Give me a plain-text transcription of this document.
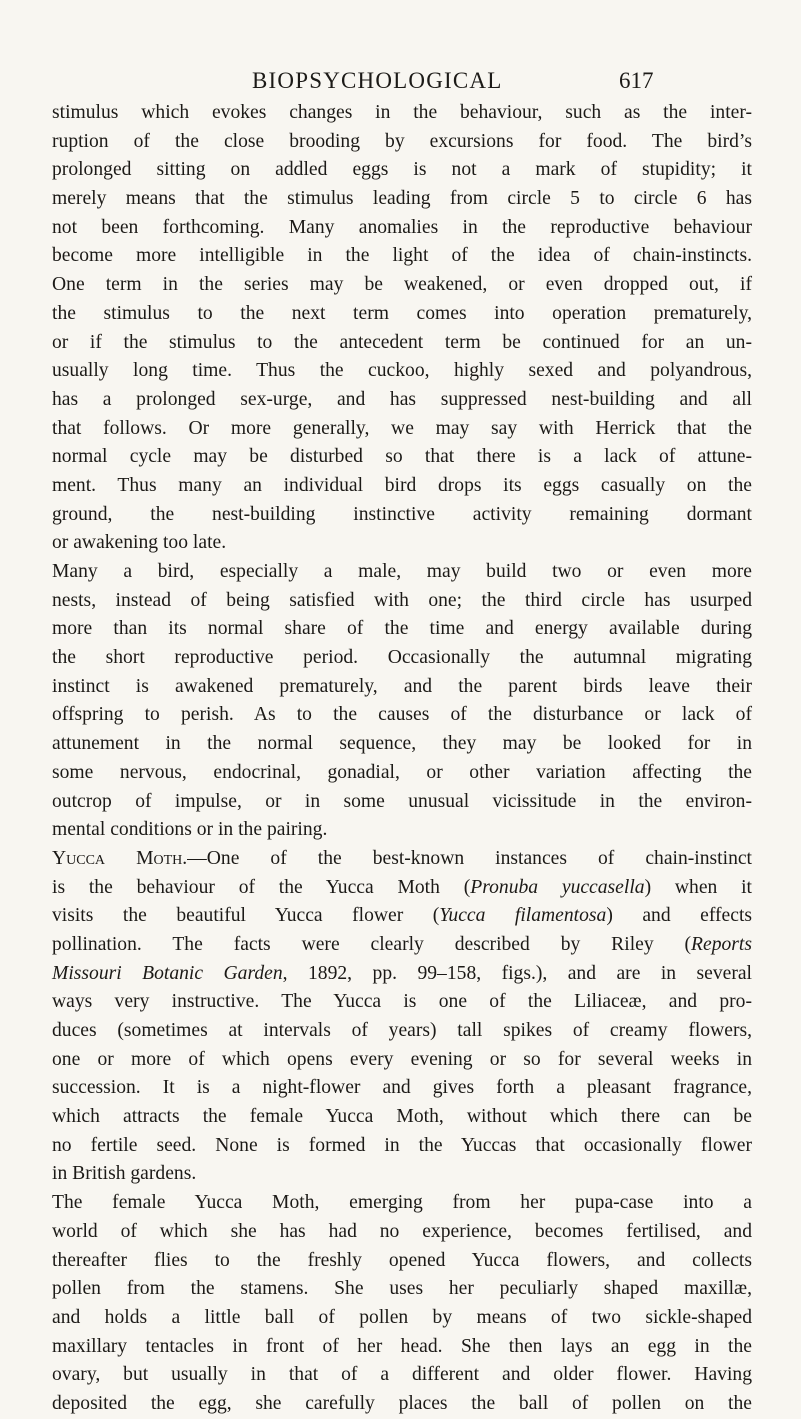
BIOPSYCHOLOGICAL	617
stimulus which evokes changes in the behaviour, such as the inter-
ruption of the close brooding by excursions for food. The bird’s
prolonged sitting on addled eggs is not a mark of stupidity; it
merely means that the stimulus leading from circle 5 to circle 6 has
not been forthcoming. Many anomalies in the reproductive behaviour
become more intelligible in the light of the idea of chain-instincts.
One term in the series may be weakened, or even dropped out, if
the stimulus to the next term comes into operation prematurely,
or if the stimulus to the antecedent term be continued for an un-
usually long time. Thus the cuckoo, highly sexed and polyandrous,
has a prolonged sex-urge, and has suppressed nest-building and all
that follows. Or more generally, we may say with Herrick that the
normal cycle may be disturbed so that there is a lack of attune-
ment. Thus many an individual bird drops its eggs casually on the
ground, the nest-building instinctive activity remaining dormant
or awakening too late.
Many a bird, especially a male, may build two or even more
nests, instead of being satisfied with one; the third circle has usurped
more than its normal share of the time and energy available during
the short reproductive period. Occasionally the autumnal migrating
instinct is awakened prematurely, and the parent birds leave their
offspring to perish. As to the causes of the disturbance or lack of
attunement in the normal sequence, they may be looked for in
some nervous, endocrinal, gonadial, or other variation affecting the
outcrop of impulse, or in some unusual vicissitude in the environ-
mental conditions or in the pairing.
Yucca Moth.—One of the best-known instances of chain-instinct
is the behaviour of the Yucca Moth (Pronuba yuccasella) when it
visits the beautiful Yucca flower (Yucca filamentosa) and effects
pollination. The facts were clearly described by Riley (Reports
Missouri Botanic Garden, 1892, pp. 99–158, figs.), and are in several
ways very instructive. The Yucca is one of the Liliaceæ, and pro-
duces (sometimes at intervals of years) tall spikes of creamy flowers,
one or more of which opens every evening or so for several weeks in
succession. It is a night-flower and gives forth a pleasant fragrance,
which attracts the female Yucca Moth, without which there can be
no fertile seed. None is formed in the Yuccas that occasionally flower
in British gardens.
The female Yucca Moth, emerging from her pupa-case into a
world of which she has had no experience, becomes fertilised, and
thereafter flies to the freshly opened Yucca flowers, and collects
pollen from the stamens. She uses her peculiarly shaped maxillæ,
and holds a little ball of pollen by means of two sickle-shaped
maxillary tentacles in front of her head. She then lays an egg in the
ovary, but usually in that of a different and older flower. Having
deposited the egg, she carefully places the ball of pollen on the
